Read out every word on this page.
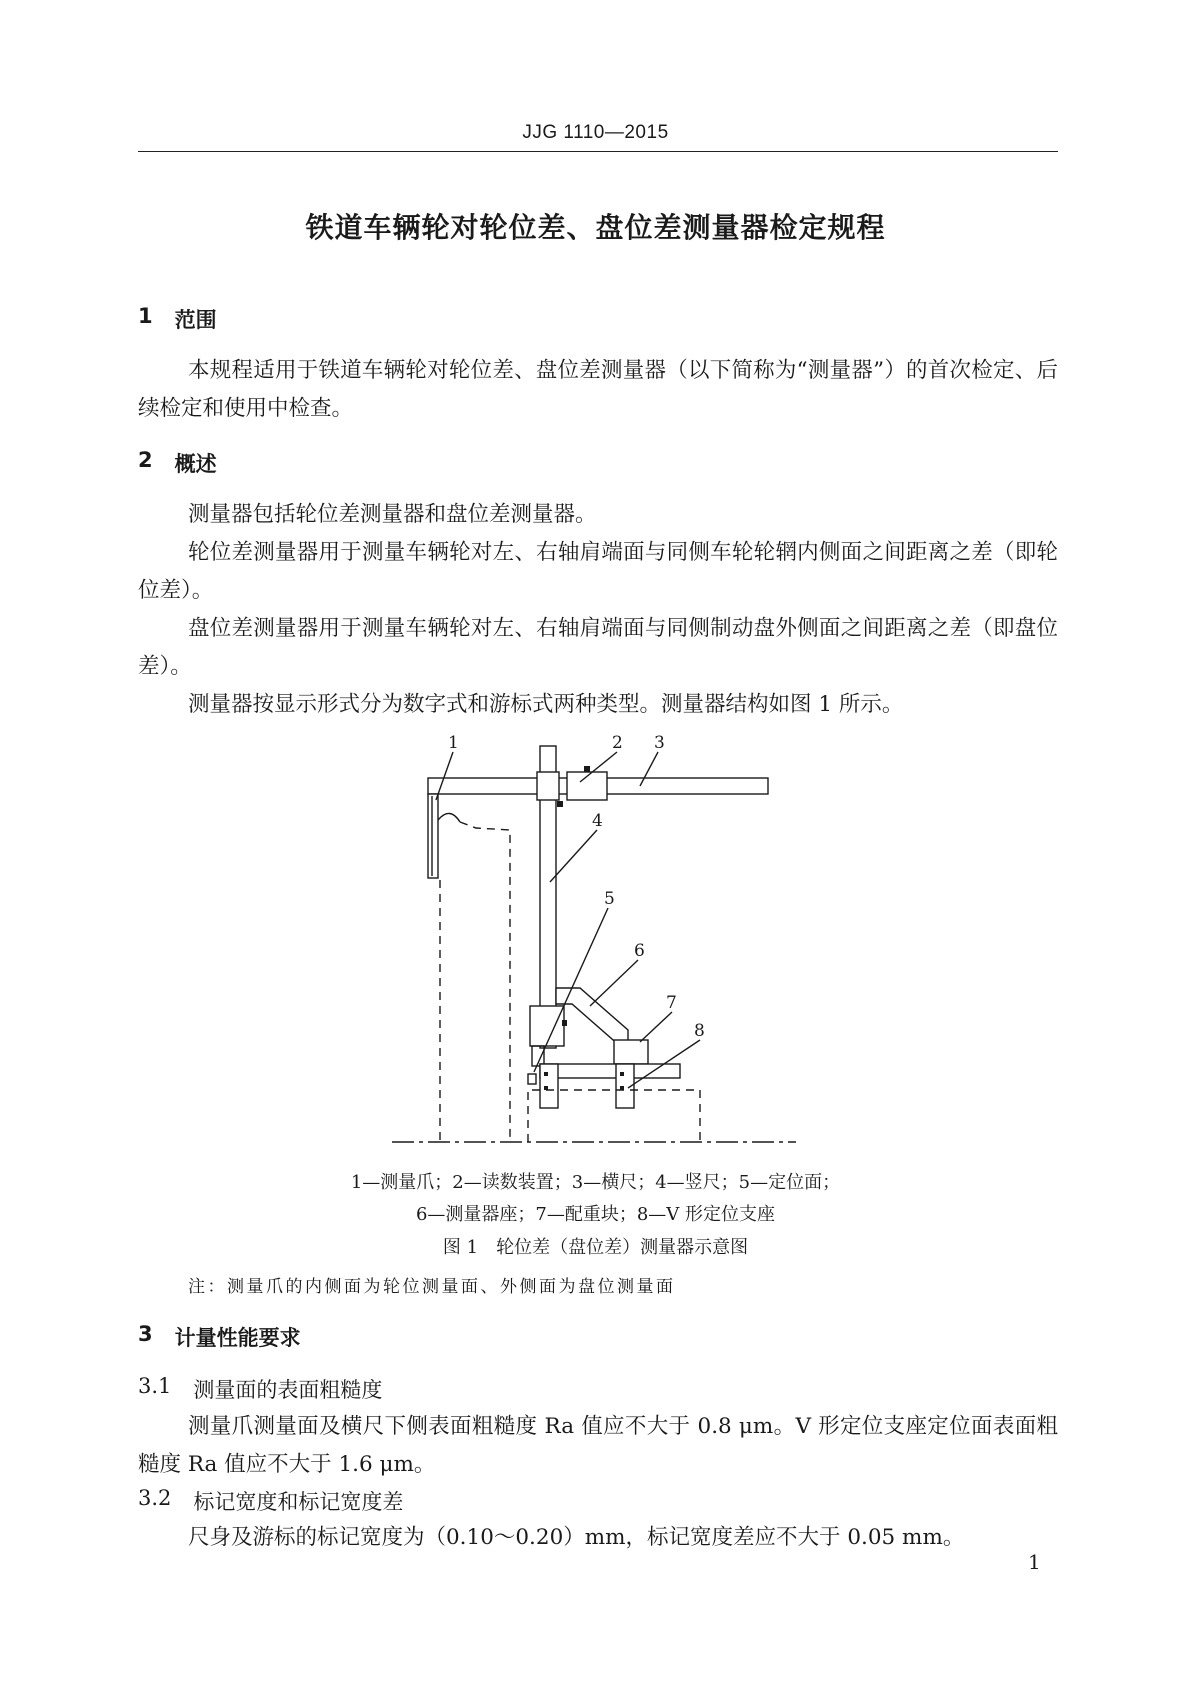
JJG 1110—2015
铁道车辆轮对轮位差、盘位差测量器检定规程
1 范围
本规程适用于铁道车辆轮对轮位差、盘位差测量器（以下简称为“测量器”）的首次检定、后续检定和使用中检查。
2 概述
测量器包括轮位差测量器和盘位差测量器。
轮位差测量器用于测量车辆轮对左、右轴肩端面与同侧车轮轮辋内侧面之间距离之差（即轮位差）。
盘位差测量器用于测量车辆轮对左、右轴肩端面与同侧制动盘外侧面之间距离之差（即盘位差）。
测量器按显示形式分为数字式和游标式两种类型。测量器结构如图 1 所示。
1	2 3
4
5
6
7
8
1—测量爪；2—读数装置；3—横尺；4—竖尺；5—定位面；
6—测量器座；7—配重块；8—V 形定位支座
图 1　轮位差（盘位差）测量器示意图
注：测量爪的内侧面为轮位测量面、外侧面为盘位测量面
3 计量性能要求
3.1 测量面的表面粗糙度
测量爪测量面及横尺下侧表面粗糙度 Ra 值应不大于 0.8 μm。V 形定位支座定位面表面粗糙度 Ra 值应不大于 1.6 μm。
3.2 标记宽度和标记宽度差
尺身及游标的标记宽度为（0.10～0.20）mm，标记宽度差应不大于 0.05 mm。
1
